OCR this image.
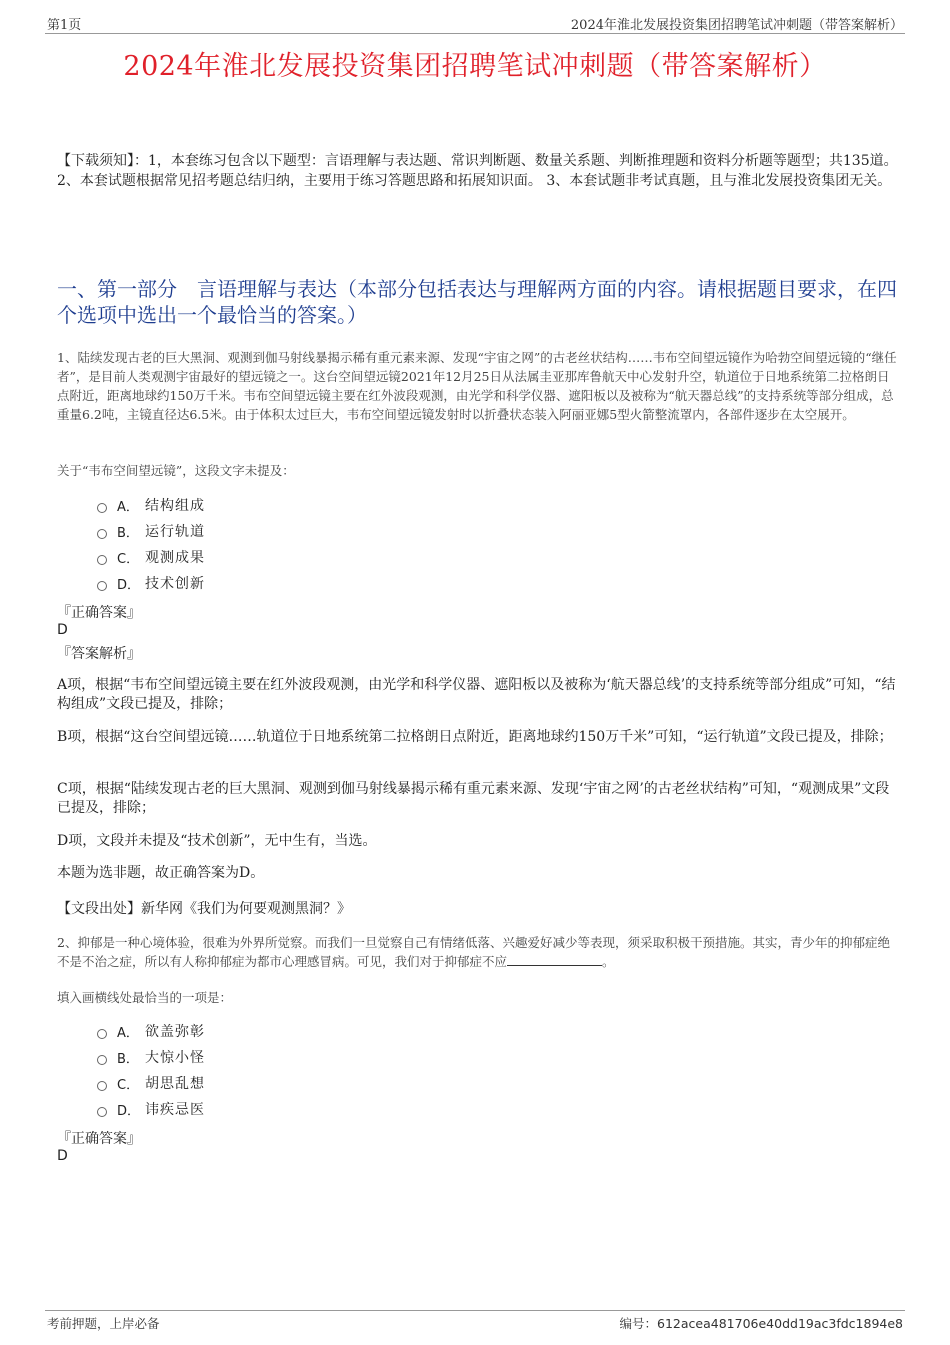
第1页	2024年淮北发展投资集团招聘笔试冲刺题（带答案解析）
2024年淮北发展投资集团招聘笔试冲刺题（带答案解析）
【下载须知】：1，本套练习包含以下题型：言语理解与表达题、常识判断题、数量关系题、判断推理题和资料分析题等题型；共135道。 2、本套试题根据常见招考题总结归纳，主要用于练习答题思路和拓展知识面。 3、本套试题非考试真题，且与淮北发展投资集团无关。
一、第一部分　言语理解与表达（本部分包括表达与理解两方面的内容。请根据题目要求，在四个选项中选出一个最恰当的答案。）
1、陆续发现古老的巨大黑洞、观测到伽马射线暴揭示稀有重元素来源、发现“宇宙之网”的古老丝状结构……韦布空间望远镜作为哈勃空间望远镜的“继任者”，是目前人类观测宇宙最好的望远镜之一。这台空间望远镜2021年12月25日从法属圭亚那库鲁航天中心发射升空，轨道位于日地系统第二拉格朗日点附近，距离地球约150万千米。韦布空间望远镜主要在红外波段观测，由光学和科学仪器、遮阳板以及被称为“航天器总线”的支持系统等部分组成，总重量6.2吨，主镜直径达6.5米。由于体积太过巨大，韦布空间望远镜发射时以折叠状态装入阿丽亚娜5型火箭整流罩内，各部件逐步在太空展开。
关于“韦布空间望远镜”，这段文字未提及：
A． 结构组成
B． 运行轨道
C． 观测成果
D． 技术创新
『正确答案』
D
『答案解析』
A项，根据“韦布空间望远镜主要在红外波段观测，由光学和科学仪器、遮阳板以及被称为‘航天器总线’的支持系统等部分组成”可知，“结构组成”文段已提及，排除；
B项，根据“这台空间望远镜……轨道位于日地系统第二拉格朗日点附近，距离地球约150万千米”可知，“运行轨道”文段已提及，排除；
C项，根据“陆续发现古老的巨大黑洞、观测到伽马射线暴揭示稀有重元素来源、发现‘宇宙之网’的古老丝状结构”可知，“观测成果”文段已提及，排除；
D项，文段并未提及“技术创新”，无中生有，当选。
本题为选非题，故正确答案为D。
【文段出处】新华网《我们为何要观测黑洞？》
2、抑郁是一种心境体验，很难为外界所觉察。而我们一旦觉察自己有情绪低落、兴趣爱好减少等表现，须采取积极干预措施。其实，青少年的抑郁症绝不是不治之症，所以有人称抑郁症为都市心理感冒病。可见，我们对于抑郁症不应	。
填入画横线处最恰当的一项是：
A． 欲盖弥彰
B． 大惊小怪
C． 胡思乱想
D． 讳疾忌医
『正确答案』
D
考前押题，上岸必备	编号：612acea481706e40dd19ac3fdc1894e8
